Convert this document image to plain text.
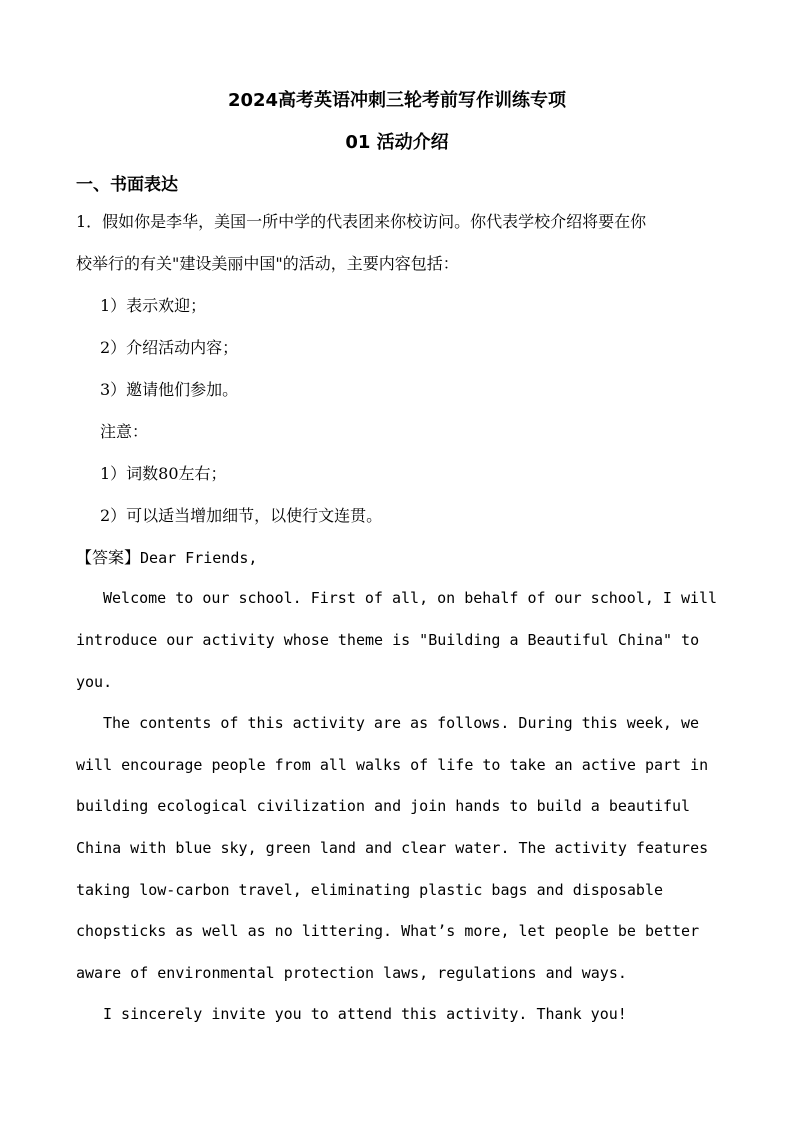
2024高考英语冲刺三轮考前写作训练专项
01 活动介绍
一、书面表达
1．假如你是李华，美国一所中学的代表团来你校访问。你代表学校介绍将要在你
校举行的有关"建设美丽中国"的活动，主要内容包括：
1）表示欢迎；
2）介绍活动内容；
3）邀请他们参加。
注意：
1）词数80左右；
2）可以适当增加细节，以使行文连贯。
【答案】Dear Friends,
Welcome to our school. First of all, on behalf of our school, I will
introduce our activity whose theme is "Building a Beautiful China" to
you.
The contents of this activity are as follows. During this week, we
will encourage people from all walks of life to take an active part in
building ecological civilization and join hands to build a beautiful
China with blue sky, green land and clear water. The activity features
taking low-carbon travel, eliminating plastic bags and disposable
chopsticks as well as no littering. What’s more, let people be better
aware of environmental protection laws, regulations and ways.
I sincerely invite you to attend this activity. Thank you!
